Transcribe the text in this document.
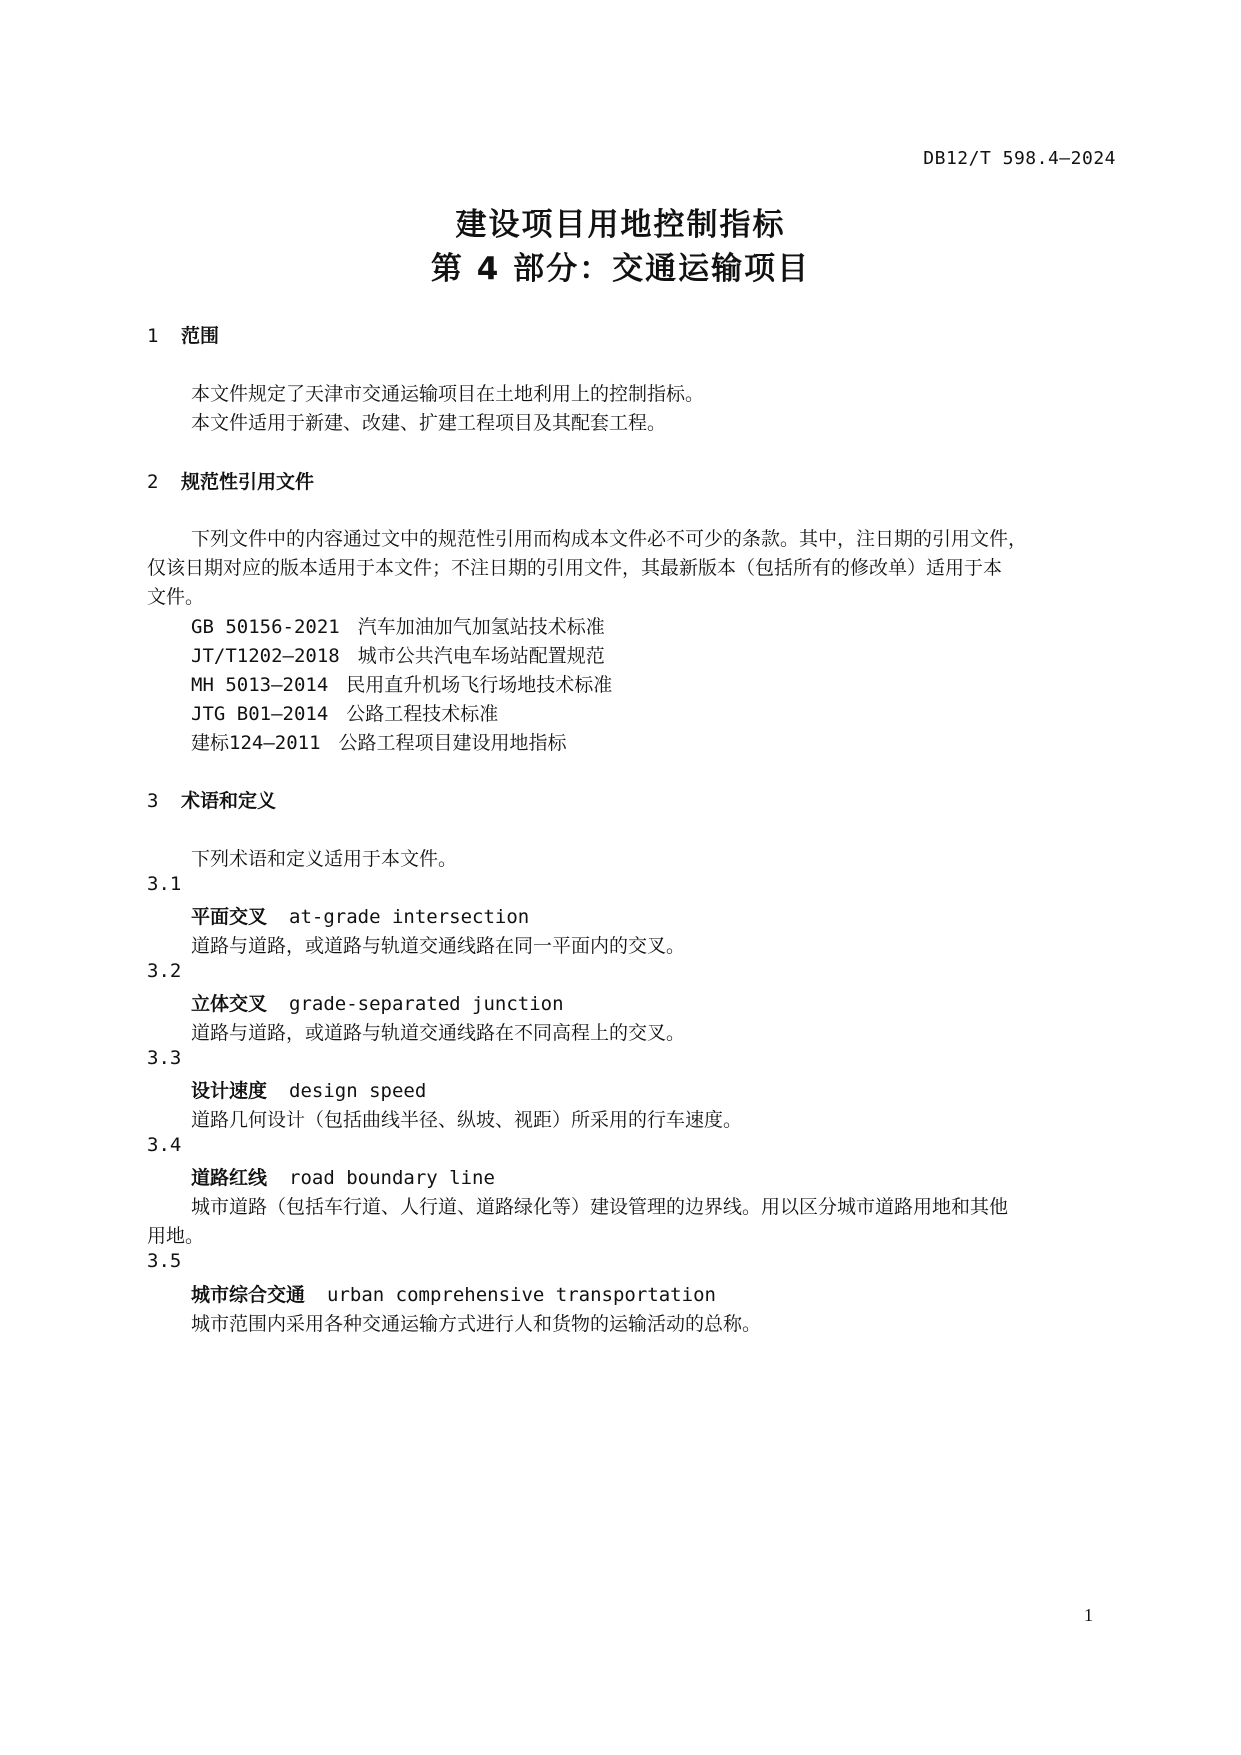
DB12/T 598.4—2024
建设项目用地控制指标
第 4 部分：交通运输项目
1 范围
本文件规定了天津市交通运输项目在土地利用上的控制指标。
本文件适用于新建、改建、扩建工程项目及其配套工程。
2 规范性引用文件
下列文件中的内容通过文中的规范性引用而构成本文件必不可少的条款。其中，注日期的引用文件，
仅该日期对应的版本适用于本文件；不注日期的引用文件，其最新版本（包括所有的修改单）适用于本
文件。
GB 50156-2021 汽车加油加气加氢站技术标准
JT/T1202—2018 城市公共汽电车场站配置规范
MH 5013—2014 民用直升机场飞行场地技术标准
JTG B01—2014 公路工程技术标准
建标124—2011 公路工程项目建设用地指标
3 术语和定义
下列术语和定义适用于本文件。
3.1
平面交叉 at-grade intersection
道路与道路，或道路与轨道交通线路在同一平面内的交叉。
3.2
立体交叉 grade-separated junction
道路与道路，或道路与轨道交通线路在不同高程上的交叉。
3.3
设计速度 design speed
道路几何设计（包括曲线半径、纵坡、视距）所采用的行车速度。
3.4
道路红线 road boundary line
城市道路（包括车行道、人行道、道路绿化等）建设管理的边界线。用以区分城市道路用地和其他
用地。
3.5
城市综合交通 urban comprehensive transportation
城市范围内采用各种交通运输方式进行人和货物的运输活动的总称。
1
